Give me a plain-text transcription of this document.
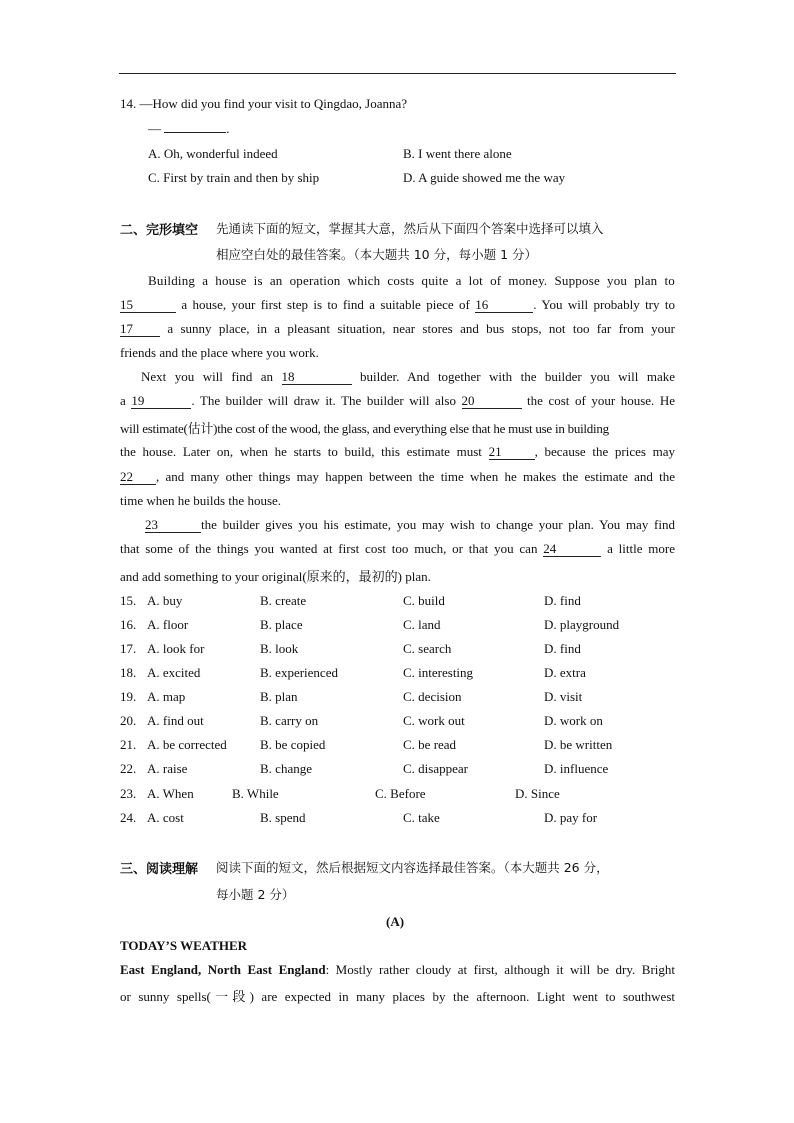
14. —How did you find your visit to Qingdao, Joanna?
—	.
A. Oh, wonderful indeed	B. I went there alone
C. First by train and then by ship	D. A guide showed me the way
二、完形填空 先通读下面的短文，掌握其大意，然后从下面四个答案中选择可以填入
相应空白处的最佳答案。（本大题共 10 分，每小题 1 分）
Building a house is an operation which costs quite a lot of money. Suppose you plan to
15	a house, your first step is to find a suitable piece of 16	. You will probably try to
17	a sunny place, in a pleasant situation, near stores and bus stops, not too far from your
friends and the place where you work.
Next you will find an 18	builder. And together with the builder you will make
a 19	. The builder will draw it. The builder will also 20	the cost of your house. He
will estimate(估计)the cost of the wood, the glass, and everything else that he must use in building
the house. Later on, when he starts to build, this estimate must 21	, because the prices may
22 , and many other things may happen between the time when he makes the estimate and the
time when he builds the house.
23	the builder gives you his estimate, you may wish to change your plan. You may find
that some of the things you wanted at first cost too much, or that you can 24	a little more
and add something to your original(原来的，最初的) plan.
15. A. buy	B. create	C. build	D. find
16. A. floor	B. place	C. land	D. playground
17. A. look for	B. look	C. search	D. find
18. A. excited	B. experienced	C. interesting	D. extra
19. A. map	B. plan	C. decision	D. visit
20. A. find out	B. carry on	C. work out	D. work on
21. A. be corrected	B. be copied	C. be read	D. be written
22. A. raise	B. change	C. disappear	D. influence
24. A. cost	B. spend	C. take	D. pay for
23. A. When	B. While	C. Before	D. Since
三、阅读理解 阅读下面的短文，然后根据短文内容选择最佳答案。（本大题共 26 分，
每小题 2 分）
(A)
TODAY’S WEATHER
East England, North East England: Mostly rather cloudy at first, although it will be dry. Bright
or sunny spells(一段) are expected in many places by the afternoon. Light went to southwest
